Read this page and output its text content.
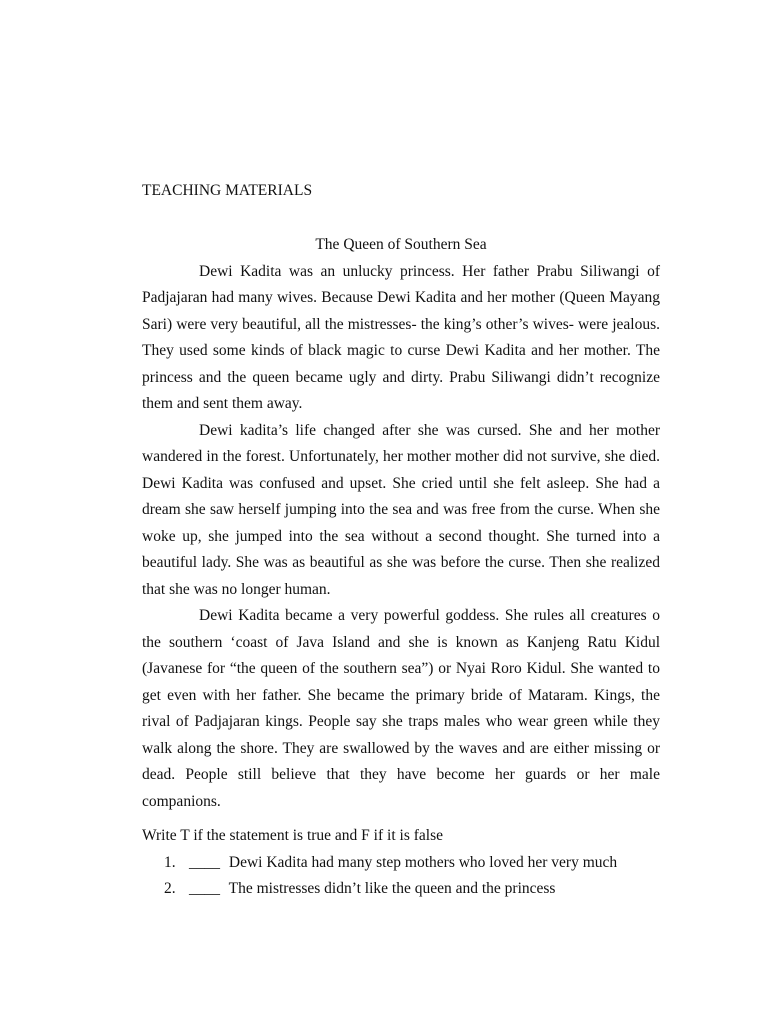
TEACHING MATERIALS

The Queen of Southern Sea

Dewi Kadita was an unlucky princess. Her father Prabu Siliwangi of Padjajaran had many wives. Because Dewi Kadita and her mother (Queen Mayang Sari) were very beautiful, all the mistresses- the king’s other’s wives- were jealous. They used some kinds of black magic to curse Dewi Kadita and her mother. The princess and the queen became ugly and dirty. Prabu Siliwangi didn’t recognize them and sent them away.

Dewi kadita’s life changed after she was cursed. She and her mother wandered in the forest. Unfortunately, her mother mother did not survive, she died. Dewi Kadita was confused and upset. She cried until she felt asleep. She had a dream she saw herself jumping into the sea and was free from the curse. When she woke up, she jumped into the sea without a second thought. She turned into a beautiful lady. She was as beautiful as she was before the curse. Then she realized that she was no longer human.

Dewi Kadita became a very powerful goddess. She rules all creatures o the southern ‘coast of Java Island and she is known as Kanjeng Ratu Kidul (Javanese for “the queen of the southern sea”) or Nyai Roro Kidul. She wanted to get even with her father. She became the primary bride of Mataram. Kings, the rival of Padjajaran kings. People say she traps males who wear green while they walk along the shore. They are swallowed by the waves and are either missing or dead. People still believe that they have become her guards or her male companions.

Write T if the statement is true and F if it is false

1. ____ Dewi Kadita had many step mothers who loved her very much
2. ____ The mistresses didn’t like the queen and the princess
